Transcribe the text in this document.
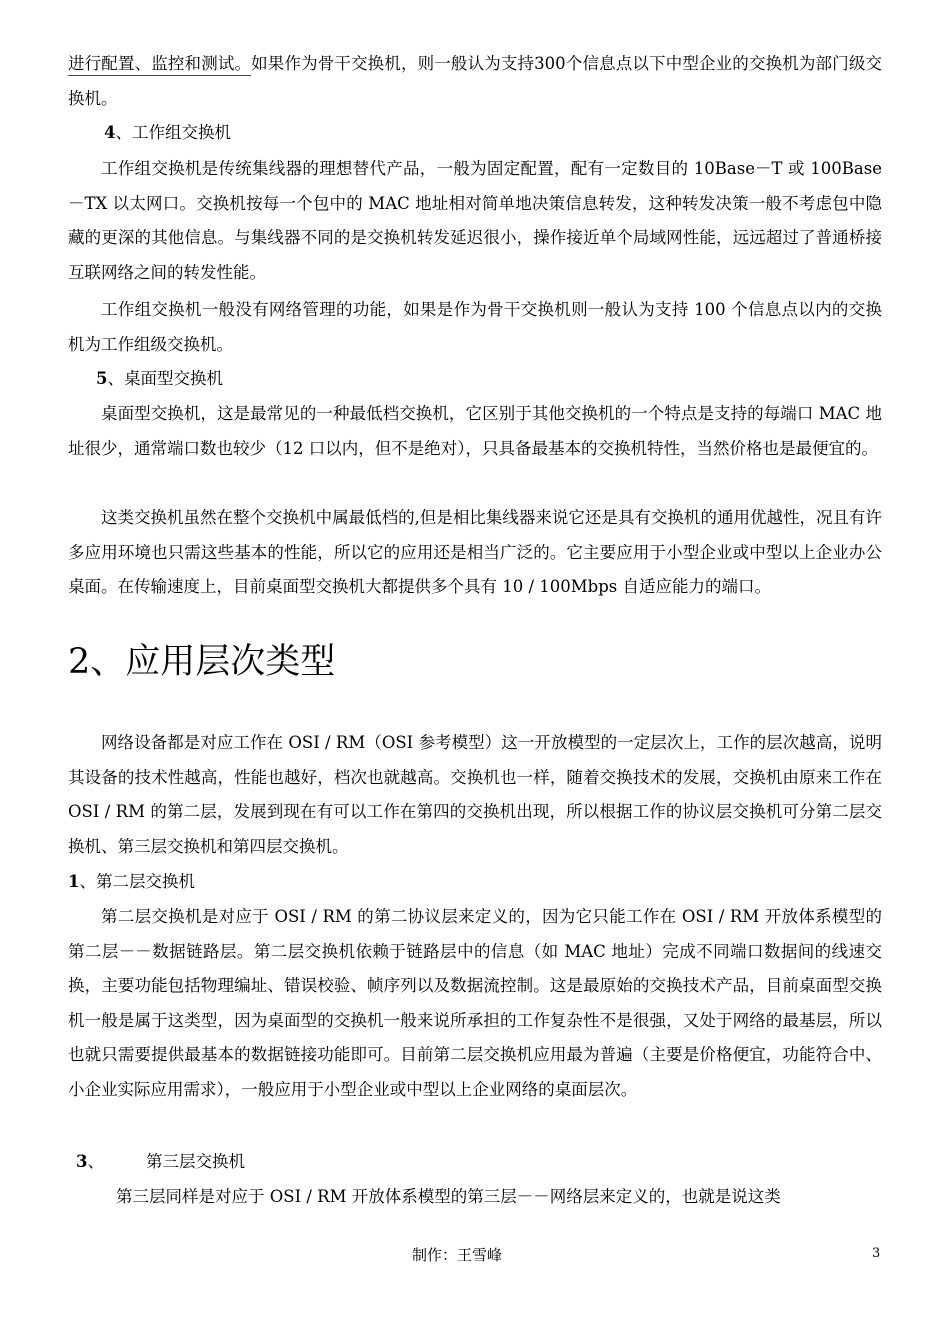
进行配置、监控和测试。如果作为骨干交换机，则一般认为支持300个信息点以下中型企业的交换机为部门级交换机。

4、工作组交换机

工作组交换机是传统集线器的理想替代产品，一般为固定配置，配有一定数目的 10Base－T 或 100Base－TX 以太网口。交换机按每一个包中的 MAC 地址相对简单地决策信息转发，这种转发决策一般不考虑包中隐藏的更深的其他信息。与集线器不同的是交换机转发延迟很小，操作接近单个局域网性能，远远超过了普通桥接互联网络之间的转发性能。

工作组交换机一般没有网络管理的功能，如果是作为骨干交换机则一般认为支持 100 个信息点以内的交换机为工作组级交换机。

5、桌面型交换机

桌面型交换机，这是最常见的一种最低档交换机，它区别于其他交换机的一个特点是支持的每端口 MAC 地址很少，通常端口数也较少（12 口以内，但不是绝对），只具备最基本的交换机特性，当然价格也是最便宜的。

这类交换机虽然在整个交换机中属最低档的,但是相比集线器来说它还是具有交换机的通用优越性，况且有许多应用环境也只需这些基本的性能，所以它的应用还是相当广泛的。它主要应用于小型企业或中型以上企业办公桌面。在传输速度上，目前桌面型交换机大都提供多个具有 10 / 100Mbps 自适应能力的端口。

2、应用层次类型

网络设备都是对应工作在 OSI / RM（OSI 参考模型）这一开放模型的一定层次上，工作的层次越高，说明其设备的技术性越高，性能也越好，档次也就越高。交换机也一样，随着交换技术的发展，交换机由原来工作在 OSI / RM 的第二层，发展到现在有可以工作在第四的交换机出现，所以根据工作的协议层交换机可分第二层交换机、第三层交换机和第四层交换机。

1、第二层交换机

第二层交换机是对应于 OSI / RM 的第二协议层来定义的，因为它只能工作在 OSI / RM 开放体系模型的第二层－－数据链路层。第二层交换机依赖于链路层中的信息（如 MAC 地址）完成不同端口数据间的线速交换，主要功能包括物理编址、错误校验、帧序列以及数据流控制。这是最原始的交换技术产品，目前桌面型交换机一般是属于这类型，因为桌面型的交换机一般来说所承担的工作复杂性不是很强，又处于网络的最基层，所以也就只需要提供最基本的数据链接功能即可。目前第二层交换机应用最为普遍（主要是价格便宜，功能符合中、小企业实际应用需求），一般应用于小型企业或中型以上企业网络的桌面层次。

3、        第三层交换机

第三层同样是对应于 OSI / RM 开放体系模型的第三层－－网络层来定义的，也就是说这类

制作：王雪峰	3
